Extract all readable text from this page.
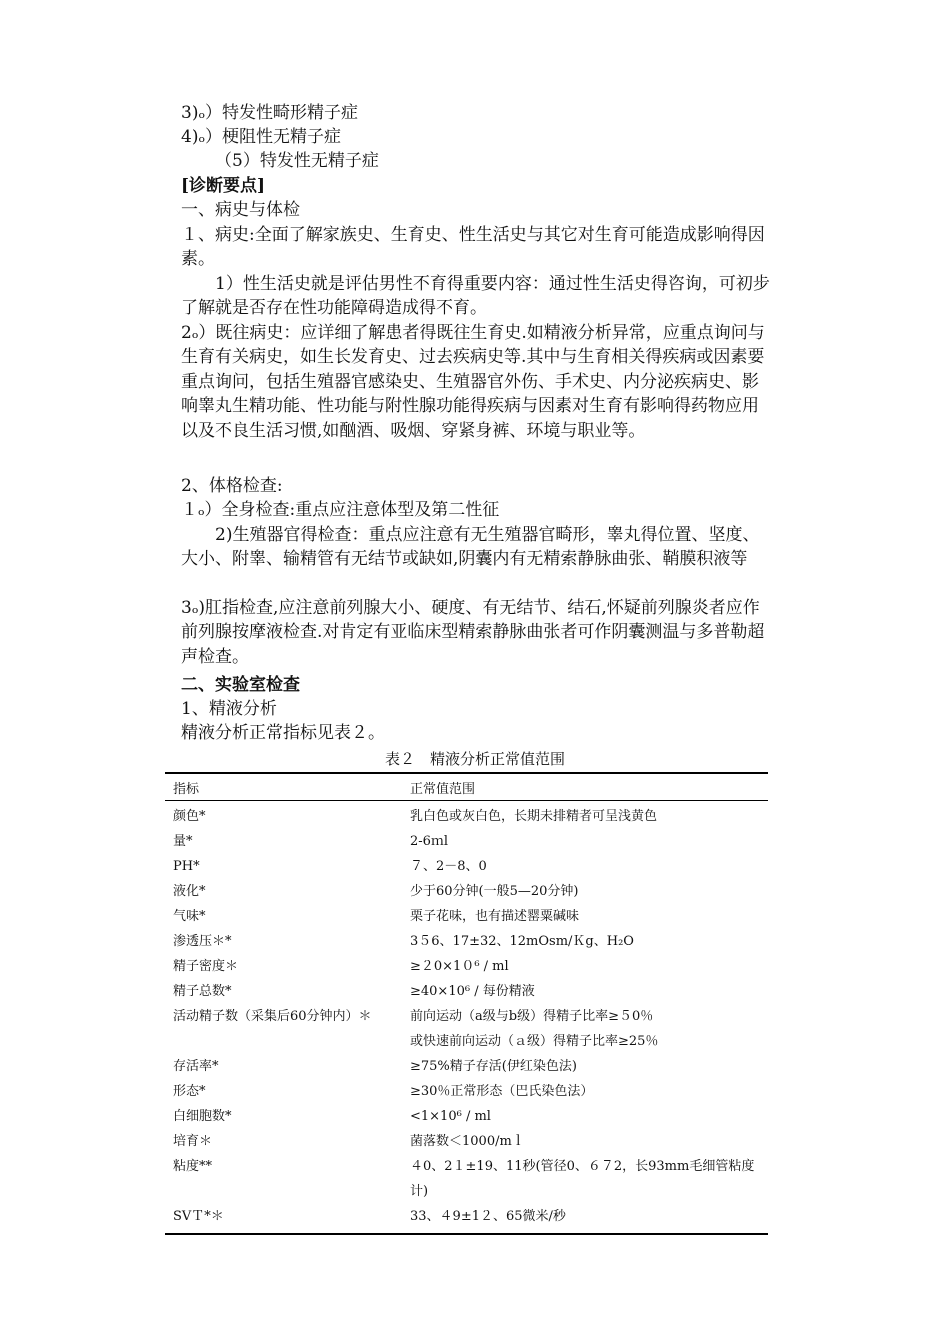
3)ₒ）特发性畸形精子症

4)ₒ）梗阻性无精子症

（5）特发性无精子症

[诊断要点]

一、病史与体检

１、病史:全面了解家族史、生育史、性生活史与其它对生育可能造成影响得因素。

　　1）性生活史就是评估男性不育得重要内容：通过性生活史得咨询，可初步了解就是否存在性功能障碍造成得不育。

2ₒ）既往病史：应详细了解患者得既往生育史.如精液分析异常，应重点询问与生育有关病史，如生长发育史、过去疾病史等.其中与生育相关得疾病或因素要重点询问，包括生殖器官感染史、生殖器官外伤、手术史、内分泌疾病史、影响睾丸生精功能、性功能与附性腺功能得疾病与因素对生育有影响得药物应用以及不良生活习惯,如酗酒、吸烟、穿紧身裤、环境与职业等。

2、体格检查:

１ₒ）全身检查:重点应注意体型及第二性征

　　2)生殖器官得检查：重点应注意有无生殖器官畸形，睾丸得位置、坚度、大小、附睾、输精管有无结节或缺如,阴囊内有无精索静脉曲张、鞘膜积液等

3ₒ)肛指检查,应注意前列腺大小、硬度、有无结节、结石,怀疑前列腺炎者应作前列腺按摩液检查.对肯定有亚临床型精索静脉曲张者可作阴囊测温与多普勒超声检查。

二、实验室检查

1、精液分析

精液分析正常指标见表２。

表２　精液分析正常值范围
指标	正常值范围
颜色*	乳白色或灰白色，长期未排精者可呈浅黄色
量*	2-6ｍl
PH*	７、2－8、0
液化*	少于60分钟(一般5—20分钟)
气味*	栗子花味，也有描述罂粟碱味
渗透压＊*	3５6、17±32、12mOsm/Ｋg、H₂O
精子密度＊	≥２0×1０⁶ / ml
精子总数*	≥40×10⁶ / 每份精液
活动精子数（采集后60分钟内）＊	前向运动（a级与b级）得精子比率≥５0％
或快速前向运动（ａ级）得精子比率≥25％
存活率*	≥75%精子存活(伊红染色法)
形态*	≥30％正常形态（巴氏染色法）
白细胞数*	<1×10⁶ / ml
培育＊	菌落数＜1000/mｌ
粘度**	４0、2１±19、11秒(管径0、６７2，长93mm毛细管粘度计)
SVＴ*＊	33、４9±1２、65微米/秒
